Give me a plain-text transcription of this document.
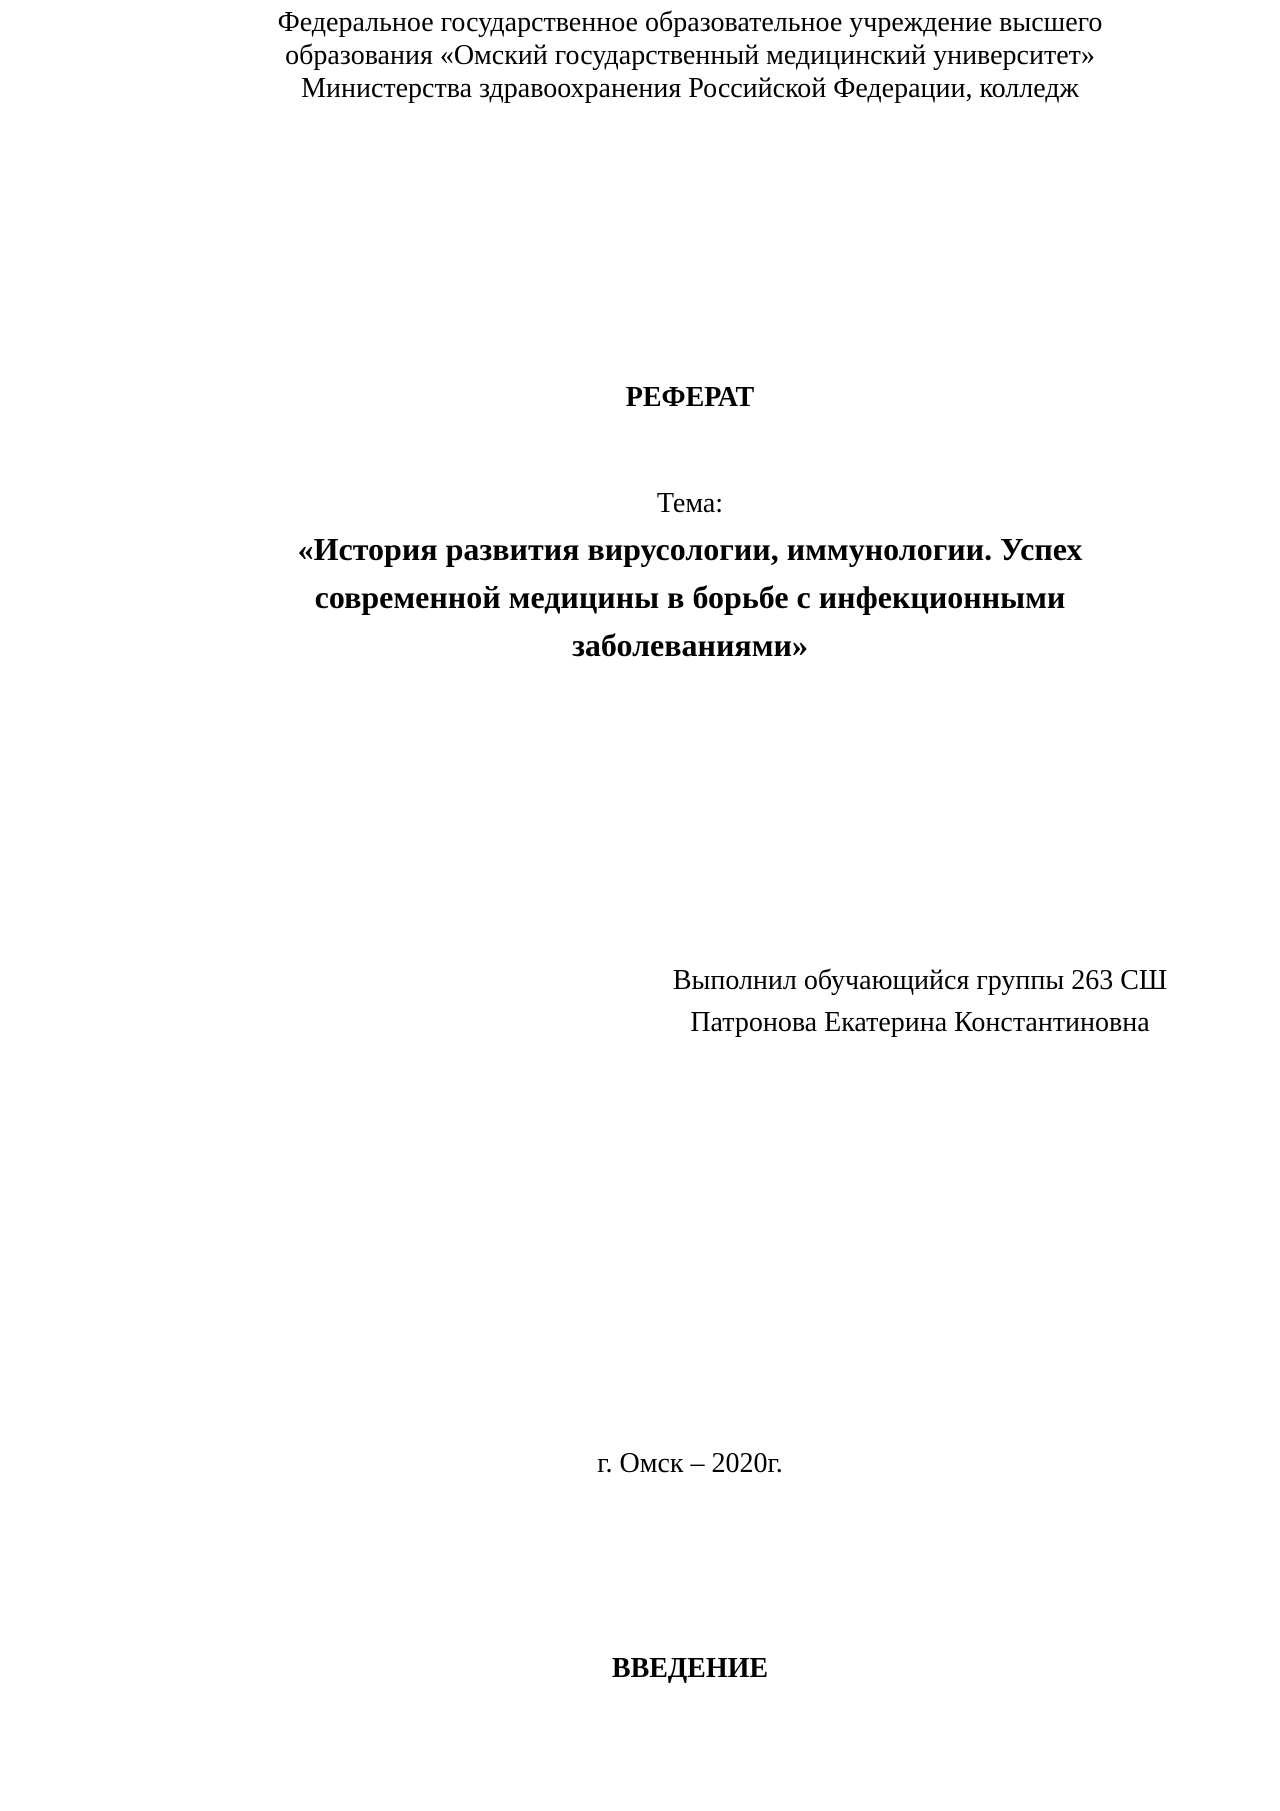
Федеральное государственное образовательное учреждение высшего
образования «Омский государственный медицинский университет»
Министерства здравоохранения Российской Федерации, колледж
РЕФЕРАТ
Тема:
«История развития вирусологии, иммунологии. Успех
современной медицины в борьбе с инфекционными
заболеваниями»
Выполнил обучающийся группы 263 СШ
Патронова Екатерина Константиновна
г. Омск – 2020г.
ВВЕДЕНИЕ
